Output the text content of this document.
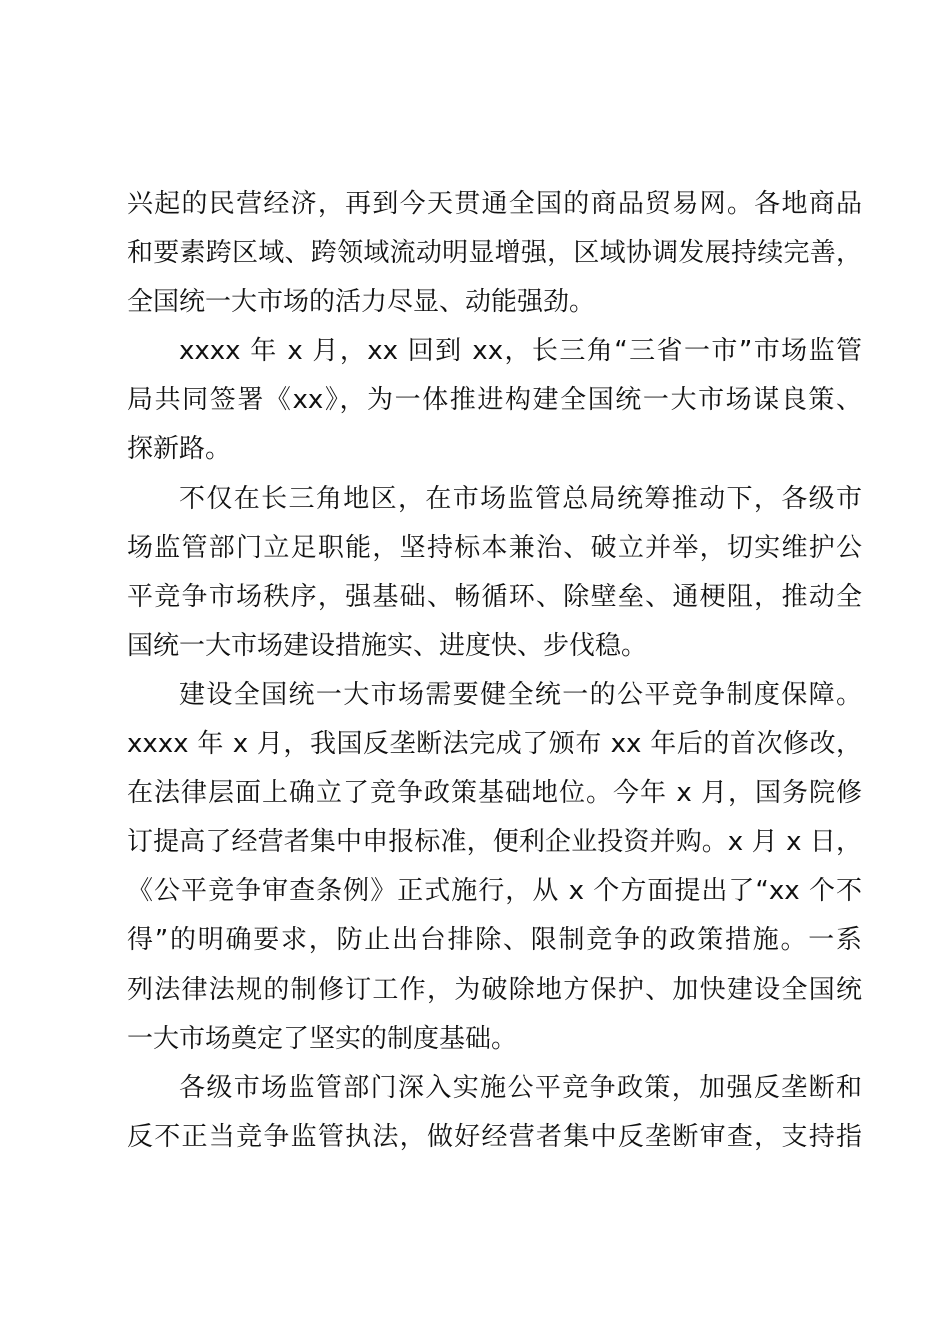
兴起的民营经济，再到今天贯通全国的商品贸易网。各地商品
和要素跨区域、跨领域流动明显增强，区域协调发展持续完善，
全国统一大市场的活力尽显、动能强劲。
xxxx 年 x 月，xx 回到 xx，长三角“三省一市”市场监管
局共同签署《xx》，为一体推进构建全国统一大市场谋良策、
探新路。
不仅在长三角地区，在市场监管总局统筹推动下，各级市
场监管部门立足职能，坚持标本兼治、破立并举，切实维护公
平竞争市场秩序，强基础、畅循环、除壁垒、通梗阻，推动全
国统一大市场建设措施实、进度快、步伐稳。
建设全国统一大市场需要健全统一的公平竞争制度保障。
xxxx 年 x 月，我国反垄断法完成了颁布 xx 年后的首次修改，
在法律层面上确立了竞争政策基础地位。今年 x 月，国务院修
订提高了经营者集中申报标准，便利企业投资并购。x 月 x 日，
《公平竞争审查条例》正式施行，从 x 个方面提出了“xx 个不
得”的明确要求，防止出台排除、限制竞争的政策措施。一系
列法律法规的制修订工作，为破除地方保护、加快建设全国统
一大市场奠定了坚实的制度基础。
各级市场监管部门深入实施公平竞争政策，加强反垄断和
反不正当竞争监管执法，做好经营者集中反垄断审查，支持指
